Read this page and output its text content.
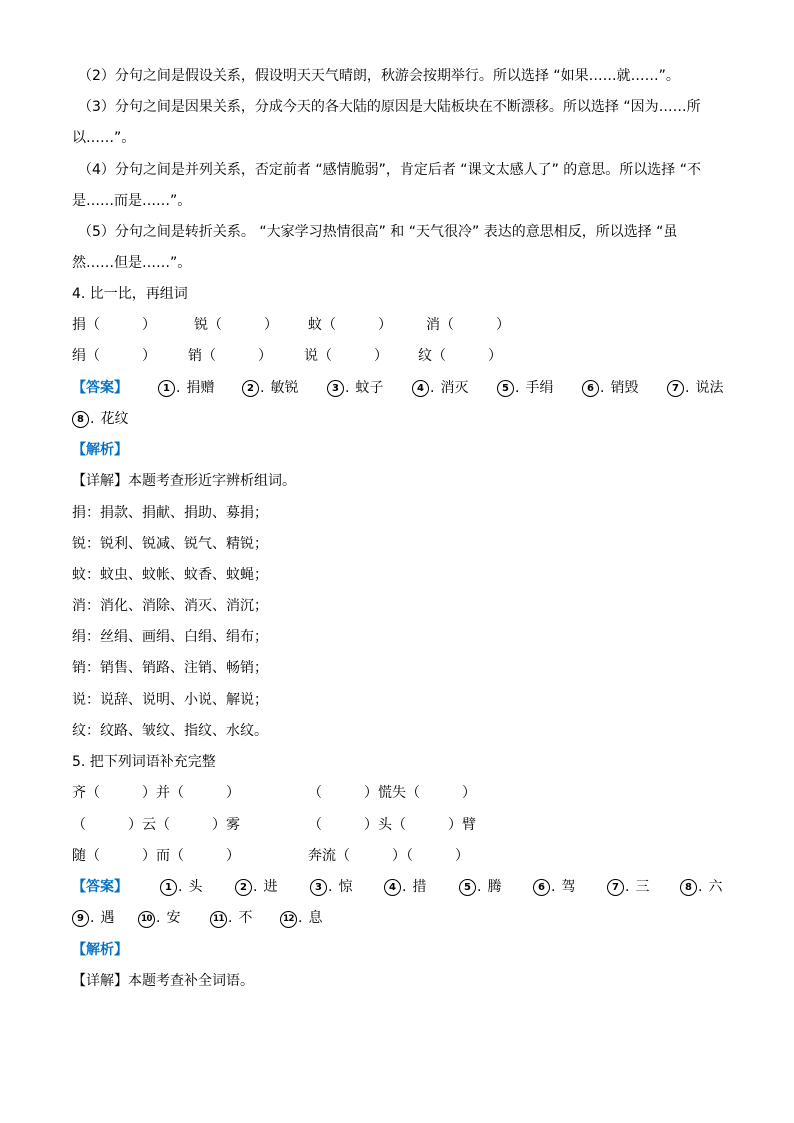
（2）分句之间是假设关系，假设明天天气晴朗，秋游会按期举行。所以选择 “如果……就……”。
（3）分句之间是因果关系，分成今天的各大陆的原因是大陆板块在不断漂移。所以选择 “因为……所
以……”。
（4）分句之间是并列关系，否定前者 “感情脆弱”，肯定后者 “课文太感人了” 的意思。所以选择 “不
是……而是……”。
（5）分句之间是转折关系。 “大家学习热情很高” 和 “天气很冷” 表达的意思相反，所以选择 “虽
然……但是……”。
4. 比一比，再组词
捐（　　　）	锐（　　　） 蚊（　　　） 消（　　　）
绢（　　　） 销（　　　） 说（　　　） 纹（　　　）
【答案】	1 . 捐赠	2 . 敏锐	3 . 蚊子	4 . 消灭	5 . 手绢	6 . 销毁	7 . 说法
8 . 花纹
【解析】
【详解】本题考查形近字辨析组词。
捐：捐款、捐献、捐助、募捐；
锐：锐利、锐减、锐气、精锐；
蚊：蚊虫、蚊帐、蚊香、蚊蝇；
消：消化、消除、消灭、消沉；
绢：丝绢、画绢、白绢、绢布；
销：销售、销路、注销、畅销；
说：说辞、说明、小说、解说；
纹：纹路、皱纹、指纹、水纹。
5. 把下列词语补充完整
齐（　　　）并（　　　）	（　　　）慌失（　　　）
（　　　）云（　　　）雾	（　　　）头（　　　）臂
随（　　　）而（　　　）	奔流（　　　）（　　　）
【答案】	1 . 头	2 . 进	3 . 惊	4 . 措	5 . 腾	6 . 驾	7 . 三	8 . 六
9 . 遇	10 . 安	11 . 不	12 . 息
【解析】
【详解】本题考查补全词语。
